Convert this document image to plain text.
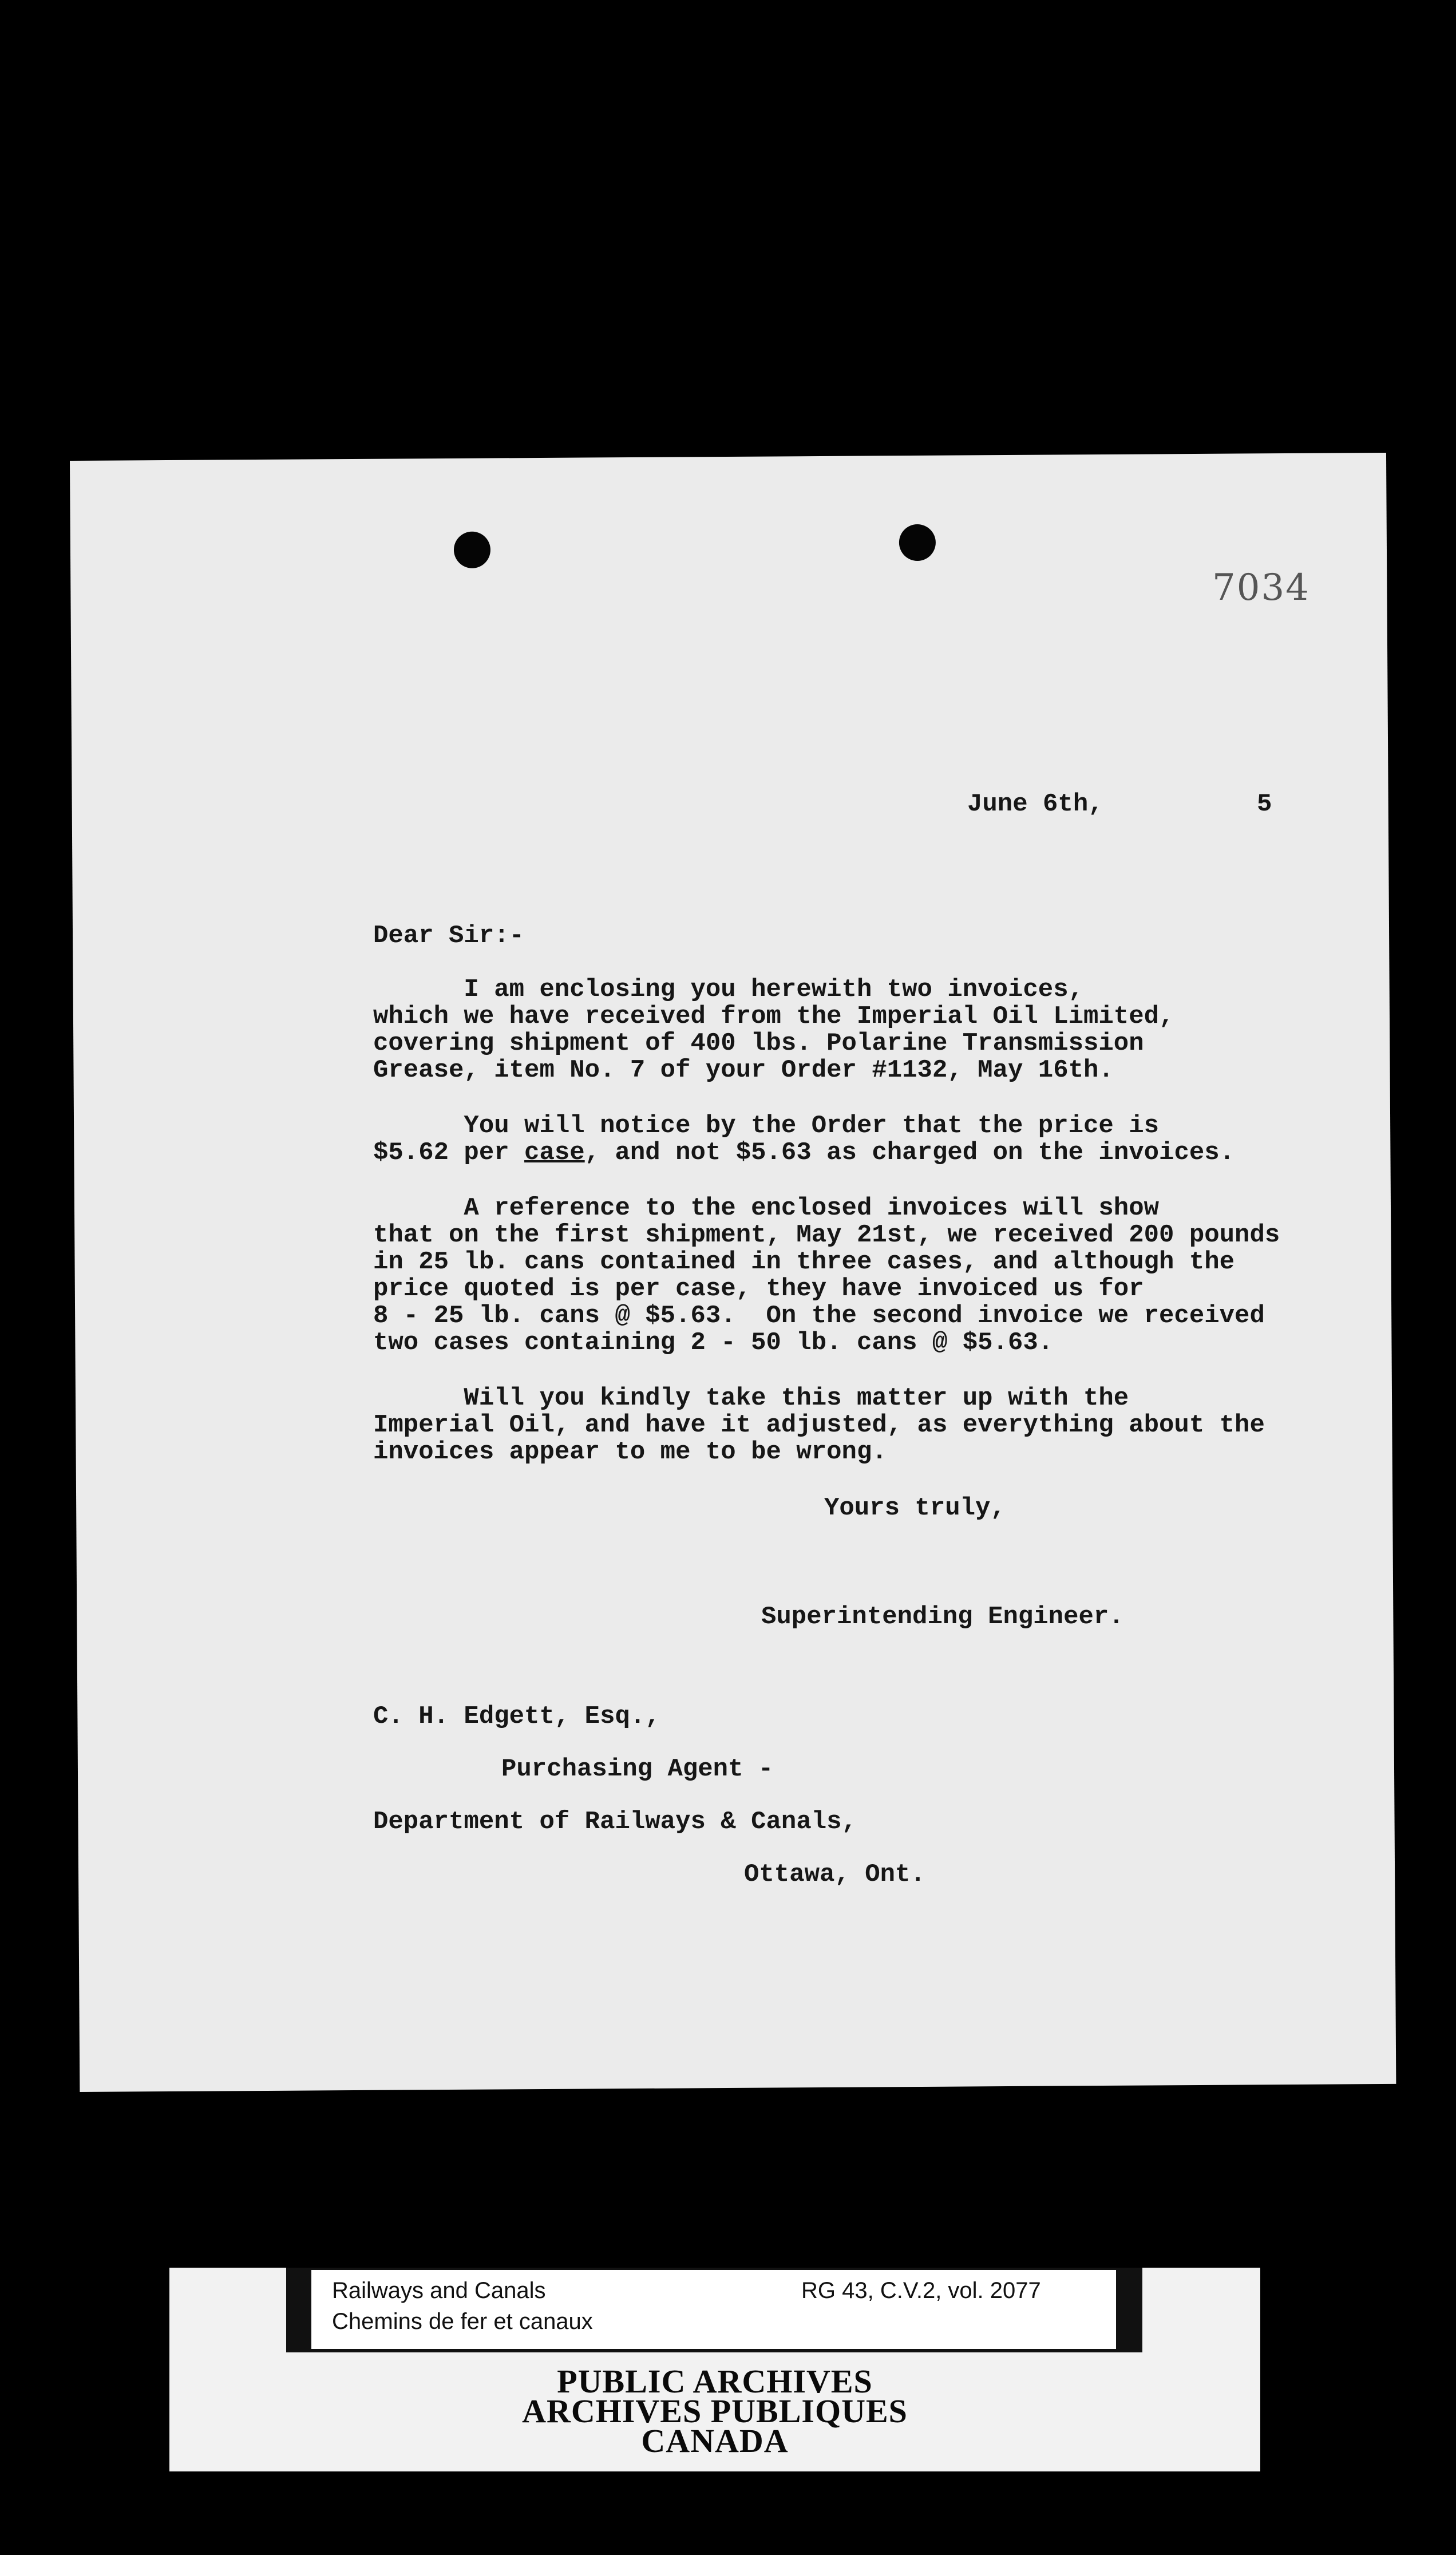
7034
June 6th,	5
Dear Sir:-

I am enclosing you herewith two invoices,

which we have received from the Imperial Oil Limited,

covering shipment of 400 lbs. Polarine Transmission

Grease, item No. 7 of your Order #1132, May 16th.

You will notice by the Order that the price is

$5.62 per case, and not $5.63 as charged on the invoices.

A reference to the enclosed invoices will show

that on the first shipment, May 21st, we received 200 pounds

in 25 lb. cans contained in three cases, and although the

price quoted is per case, they have invoiced us for

8 - 25 lb. cans @ $5.63.  On the second invoice we received

two cases containing 2 - 50 lb. cans @ $5.63.

Will you kindly take this matter up with the

Imperial Oil, and have it adjusted, as everything about the

invoices appear to me to be wrong.

Yours truly,
Superintending Engineer.
C. H. Edgett, Esq.,
Purchasing Agent -
Department of Railways & Canals,
Ottawa, Ont.
Railways and Canals
Chemins de fer et canaux
RG 43, C.V.2, vol. 2077
PUBLIC ARCHIVES
ARCHIVES PUBLIQUES
CANADA
